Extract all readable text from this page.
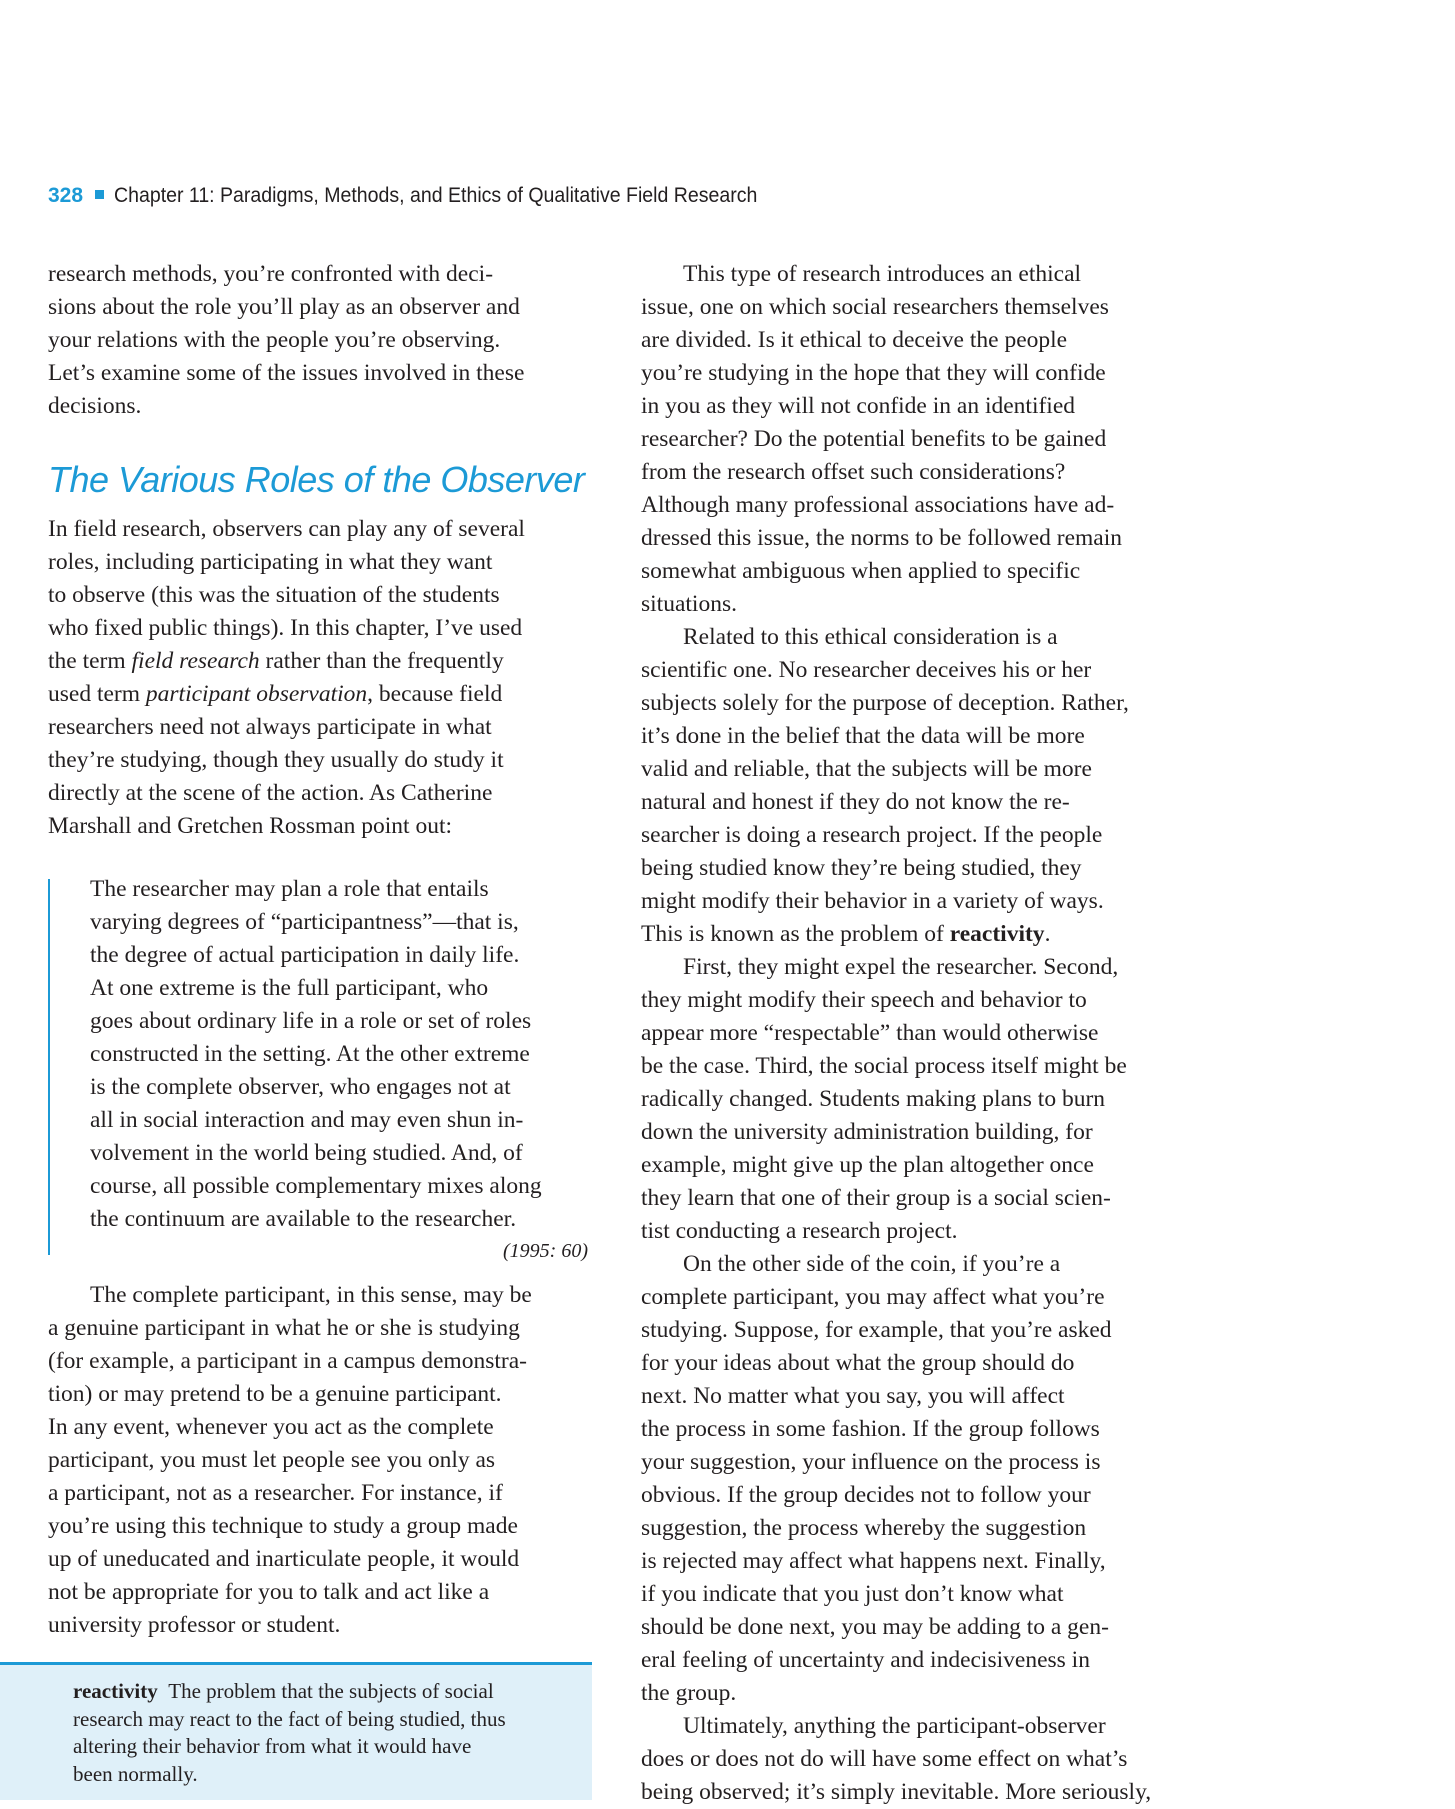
328 Chapter 11: Paradigms, Methods, and Ethics of Qualitative Field Research
research methods, you’re confronted with deci-
sions about the role you’ll play as an observer and
your relations with the people you’re observing.
Let’s examine some of the issues involved in these
decisions.
The Various Roles of the Observer
In field research, observers can play any of several
roles, including participating in what they want
to observe (this was the situation of the students
who fixed public things). In this chapter, I’ve used
the term field research rather than the frequently
used term participant observation, because field
researchers need not always participate in what
they’re studying, though they usually do study it
directly at the scene of the action. As Catherine
Marshall and Gretchen Rossman point out:
The researcher may plan a role that entails
varying degrees of “participantness”—that is,
the degree of actual participation in daily life.
At one extreme is the full participant, who
goes about ordinary life in a role or set of roles
constructed in the setting. At the other extreme
is the complete observer, who engages not at
all in social interaction and may even shun in-
volvement in the world being studied. And, of
course, all possible complementary mixes along
the continuum are available to the researcher.
(1995: 60)
The complete participant, in this sense, may be
a genuine participant in what he or she is studying
(for example, a participant in a campus demonstra-
tion) or may pretend to be a genuine participant.
In any event, whenever you act as the complete
participant, you must let people see you only as
a participant, not as a researcher. For instance, if
you’re using this technique to study a group made
up of uneducated and inarticulate people, it would
not be appropriate for you to talk and act like a
university professor or student.
reactivity The problem that the subjects of social
research may react to the fact of being studied, thus
altering their behavior from what it would have
been normally.
This type of research introduces an ethical
issue, one on which social researchers themselves
are divided. Is it ethical to deceive the people
you’re studying in the hope that they will confide
in you as they will not confide in an identified
researcher? Do the potential benefits to be gained
from the research offset such considerations?
Although many professional associations have ad-
dressed this issue, the norms to be followed remain
somewhat ambiguous when applied to specific
situations.
Related to this ethical consideration is a
scientific one. No researcher deceives his or her
subjects solely for the purpose of deception. Rather,
it’s done in the belief that the data will be more
valid and reliable, that the subjects will be more
natural and honest if they do not know the re-
searcher is doing a research project. If the people
being studied know they’re being studied, they
might modify their behavior in a variety of ways.
This is known as the problem of reactivity.
First, they might expel the researcher. Second,
they might modify their speech and behavior to
appear more “respectable” than would otherwise
be the case. Third, the social process itself might be
radically changed. Students making plans to burn
down the university administration building, for
example, might give up the plan altogether once
they learn that one of their group is a social scien-
tist conducting a research project.
On the other side of the coin, if you’re a
complete participant, you may affect what you’re
studying. Suppose, for example, that you’re asked
for your ideas about what the group should do
next. No matter what you say, you will affect
the process in some fashion. If the group follows
your suggestion, your influence on the process is
obvious. If the group decides not to follow your
suggestion, the process whereby the suggestion
is rejected may affect what happens next. Finally,
if you indicate that you just don’t know what
should be done next, you may be adding to a gen-
eral feeling of uncertainty and indecisiveness in
the group.
Ultimately, anything the participant-observer
does or does not do will have some effect on what’s
being observed; it’s simply inevitable. More seriously,
